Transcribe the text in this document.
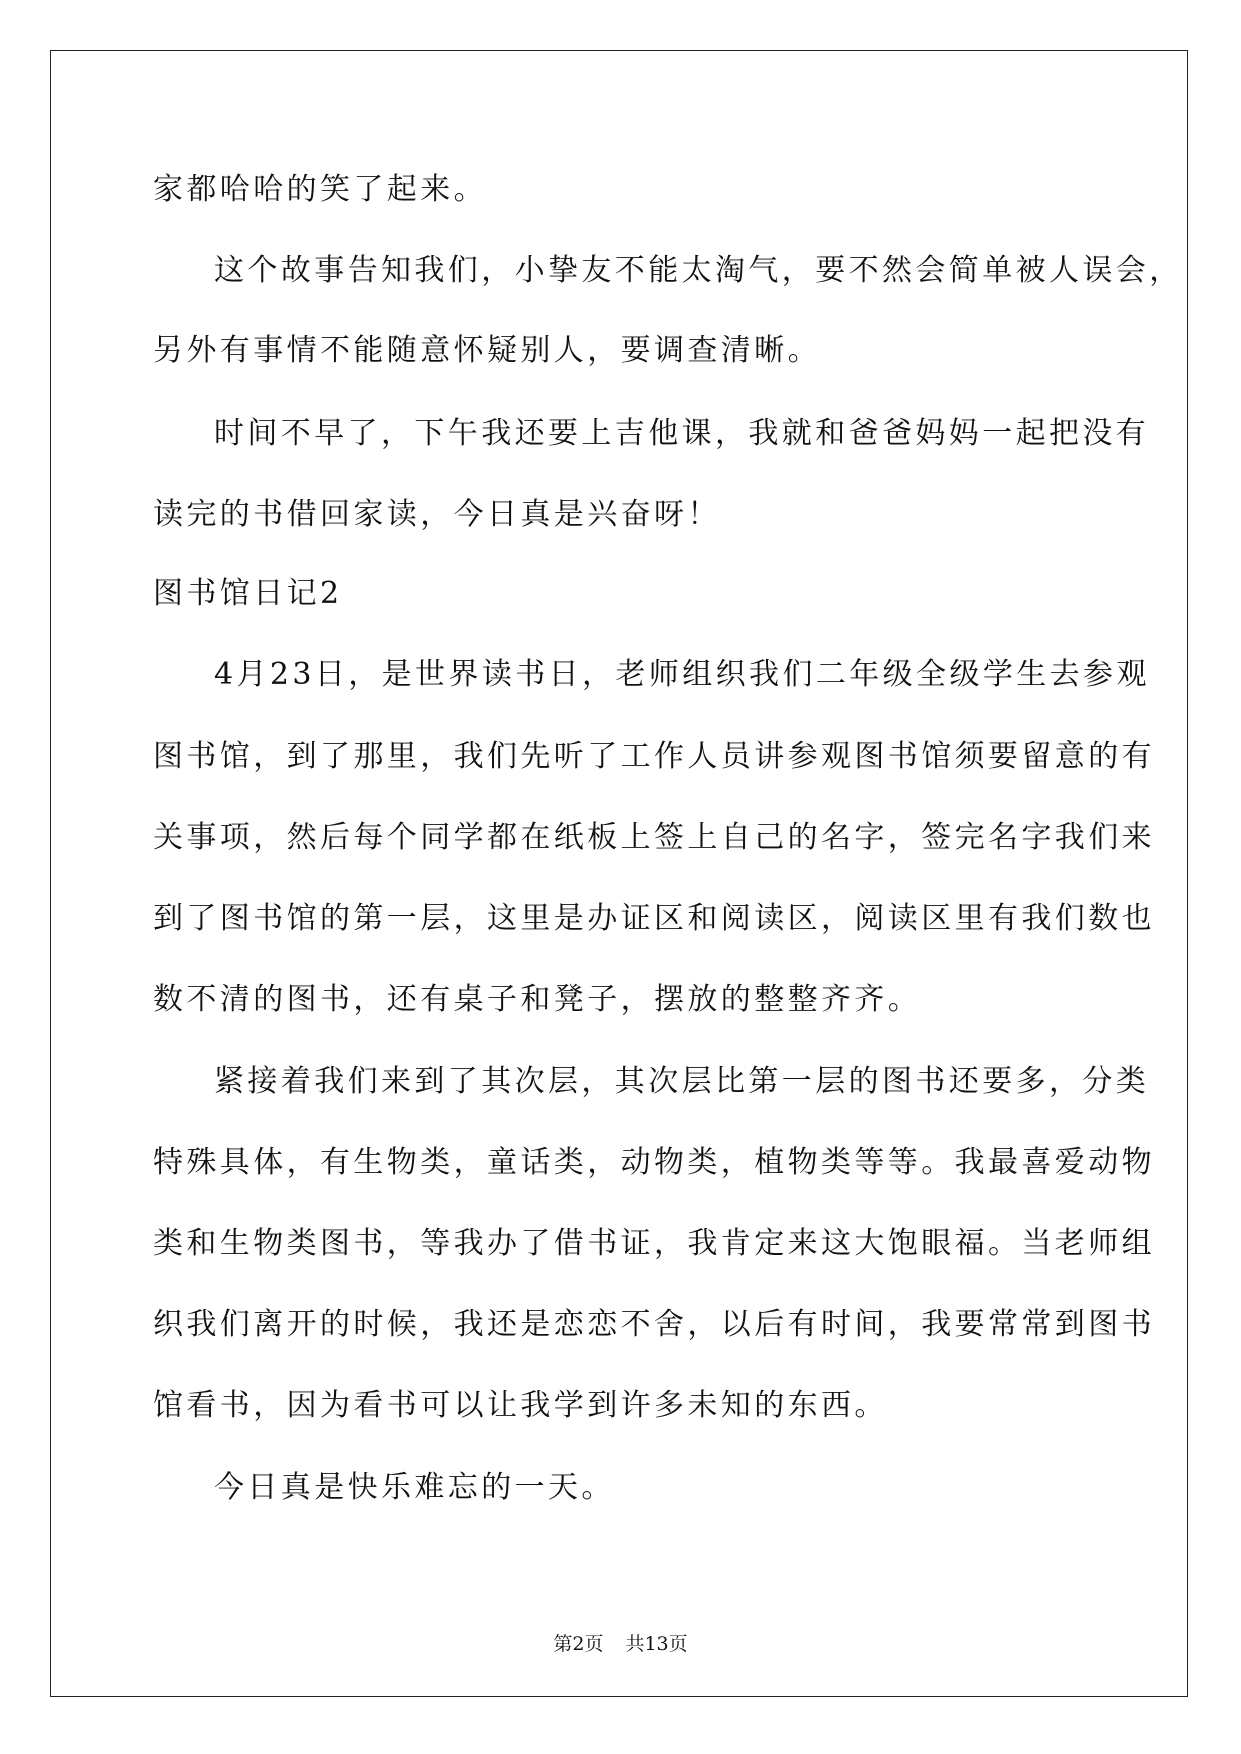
家都哈哈的笑了起来。
这个故事告知我们，小挚友不能太淘气，要不然会简单被人误会，
另外有事情不能随意怀疑别人，要调查清晰。
时间不早了，下午我还要上吉他课，我就和爸爸妈妈一起把没有
读完的书借回家读，今日真是兴奋呀！
图书馆日记2
4月23日，是世界读书日，老师组织我们二年级全级学生去参观
图书馆，到了那里，我们先听了工作人员讲参观图书馆须要留意的有
关事项，然后每个同学都在纸板上签上自己的名字，签完名字我们来
到了图书馆的第一层，这里是办证区和阅读区，阅读区里有我们数也
数不清的图书，还有桌子和凳子，摆放的整整齐齐。
紧接着我们来到了其次层，其次层比第一层的图书还要多，分类
特殊具体，有生物类，童话类，动物类，植物类等等。我最喜爱动物
类和生物类图书，等我办了借书证，我肯定来这大饱眼福。当老师组
织我们离开的时候，我还是恋恋不舍，以后有时间，我要常常到图书
馆看书，因为看书可以让我学到许多未知的东西。
今日真是快乐难忘的一天。
第2页 共13页
